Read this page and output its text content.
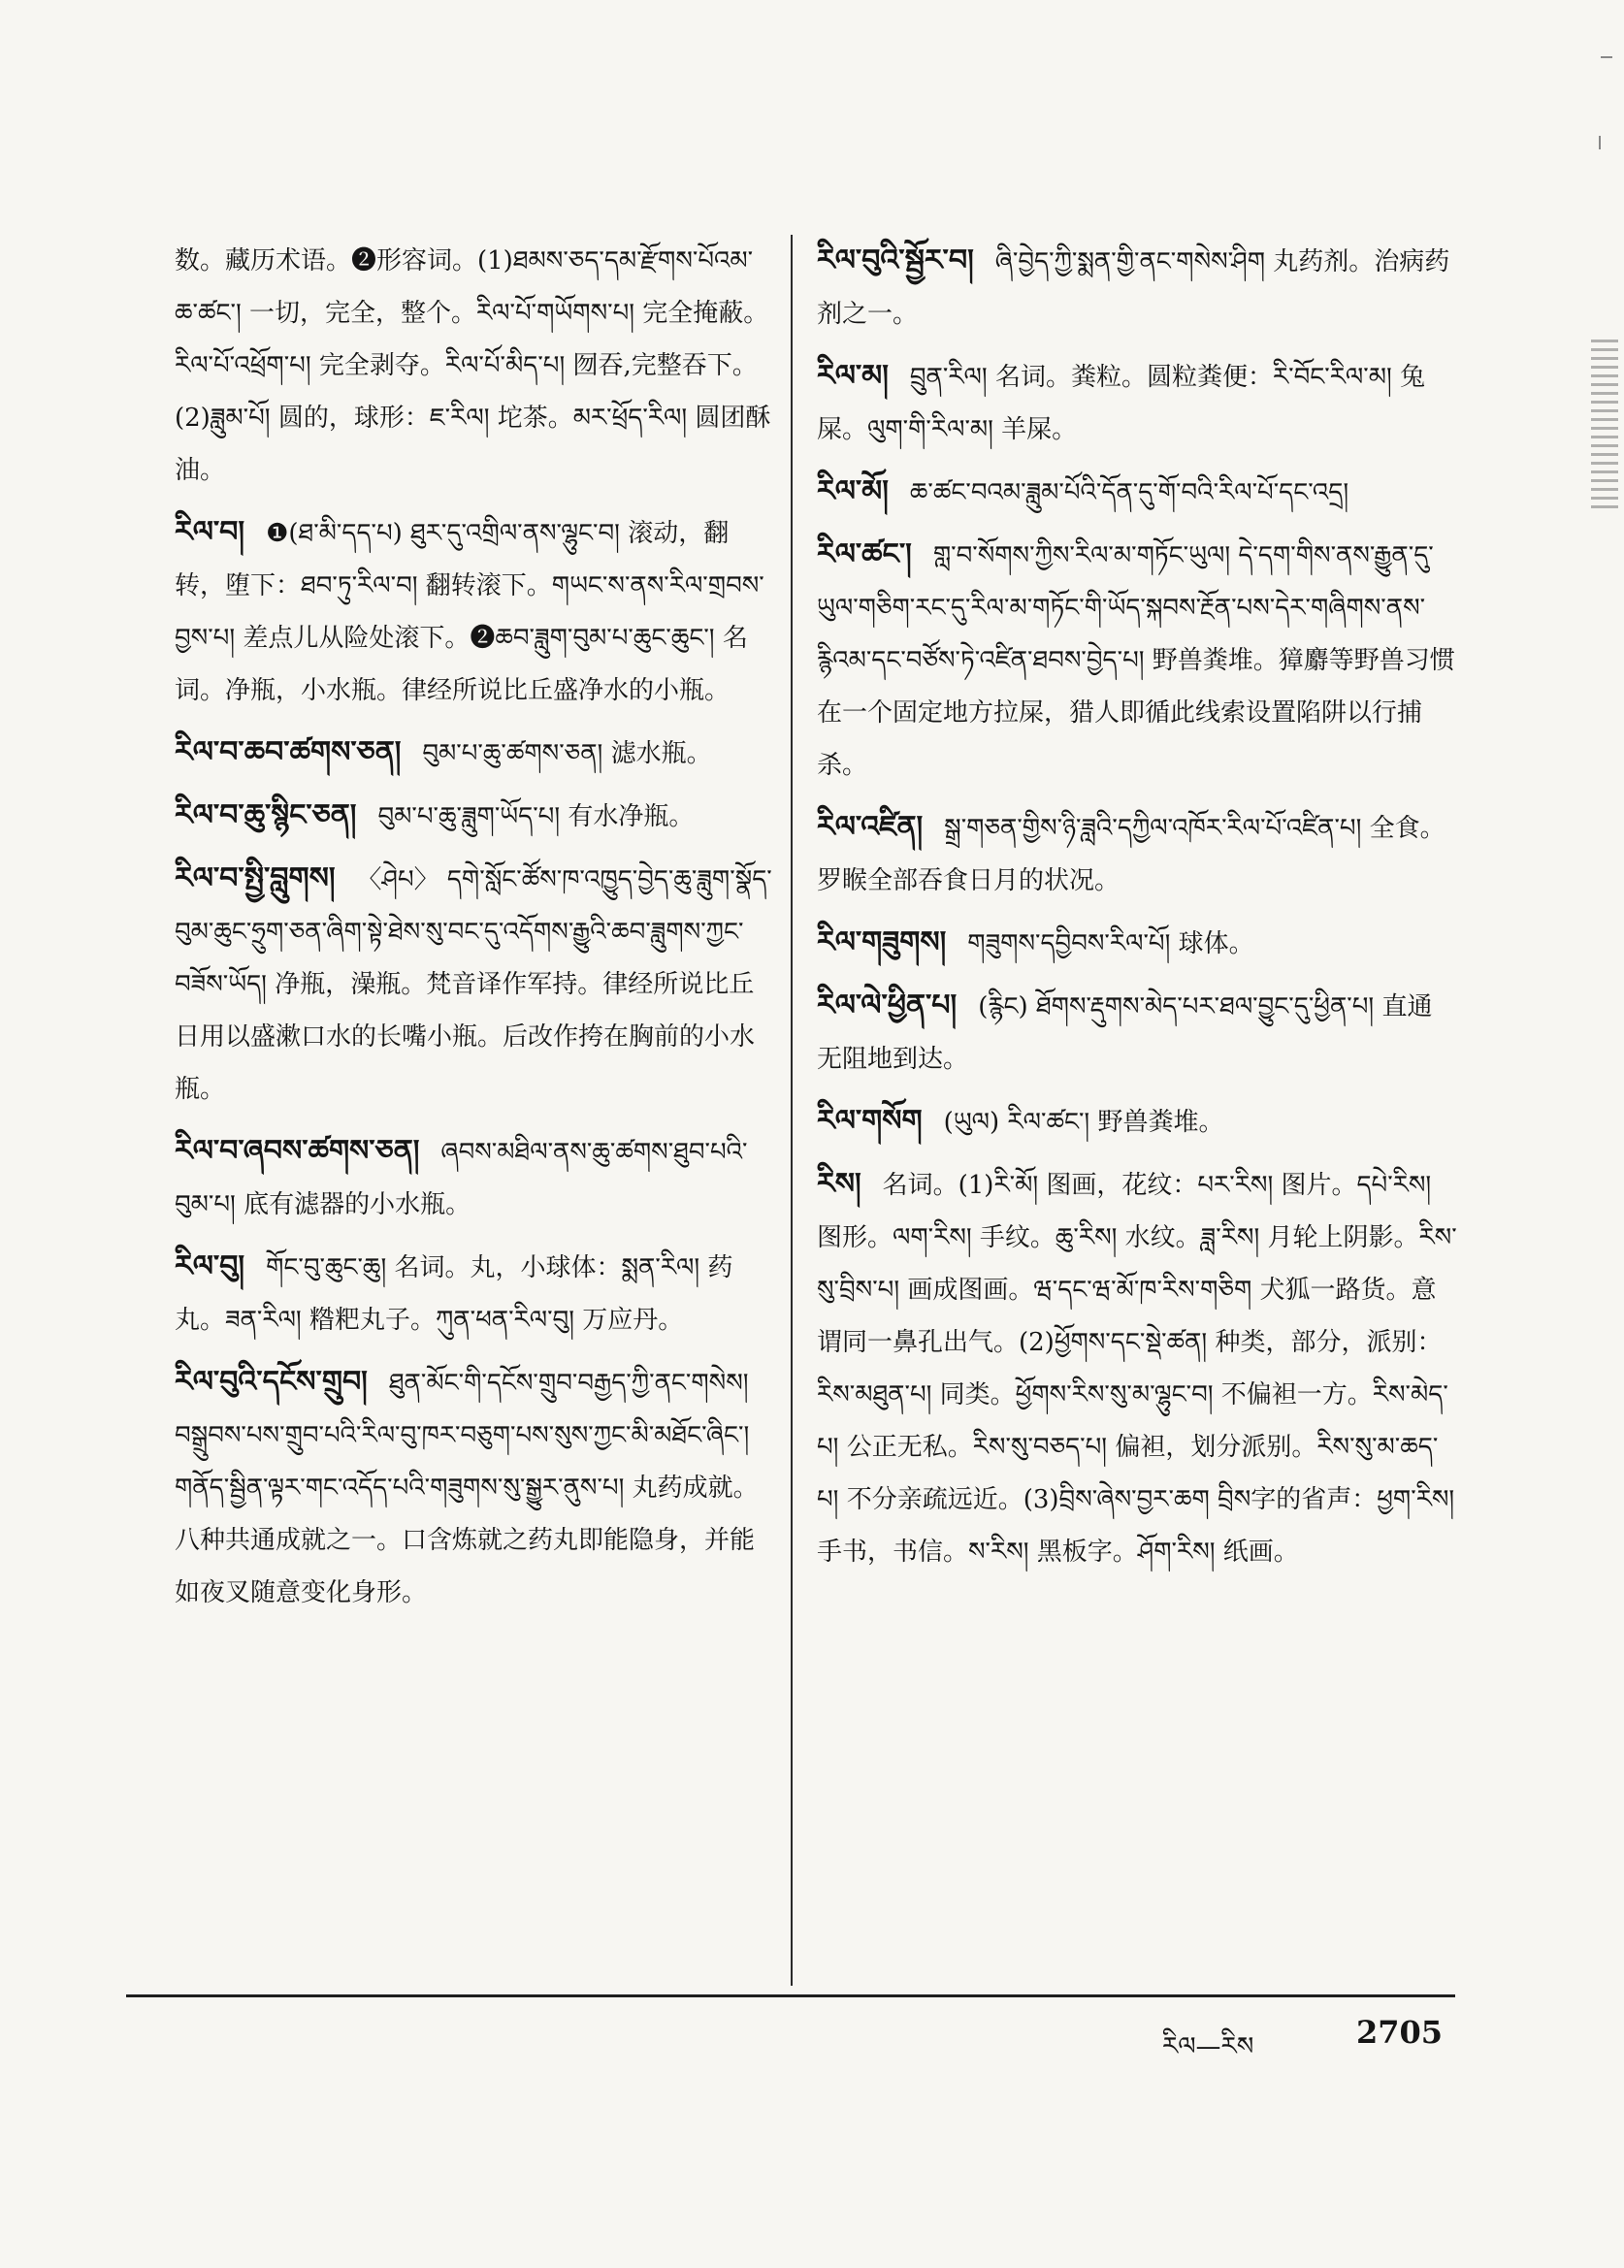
数。藏历术语。❷形容词。(1)ཐམས་ཅད་དམ་རྫོགས་པོའམ་ཆ་ཚང་། 一切，完全，整个。རིལ་པོ་གཡོགས་པ། 完全掩蔽。རིལ་པོ་འཕྲོག་པ། 完全剥夺。རིལ་པོ་མིད་པ། 囫吞,完整吞下。(2)ཟླུམ་པོ། 圆的，球形：ཇ་རིལ། 坨茶。མར་ཕྲོད་རིལ། 圆团酥油。
རིལ་བ། ❶(ཐ་མི་དད་པ) ཐུར་དུ་འགྲིལ་ནས་ལྷུང་བ། 滚动，翻转，堕下：ཐབ་ཏུ་རིལ་བ། 翻转滚下。གཡང་ས་ནས་རིལ་གྲབས་བྱས་པ། 差点儿从险处滚下。❷ཆབ་ཟླུག་བུམ་པ་ཆུང་ཆུང་། 名词。净瓶，小水瓶。律经所说比丘盛净水的小瓶。
རིལ་བ་ཆབ་ཚགས་ཅན། བུམ་པ་ཆུ་ཚགས་ཅན། 滤水瓶。
རིལ་བ་ཆུ་སྙིང་ཅན། བུམ་པ་ཆུ་ཟླུག་ཡོད་པ། 有水净瓶。
རིལ་བ་སྤྱི་བླུགས། 〈ཤེཔ〉 དགེ་སློང་ཚོས་ཁ་འཁྱུད་བྱེད་ཆུ་ཟླུག་སྣོད་བུམ་ཆུང་ཧྲུག་ཅན་ཞིག་སྟེ་ཐེས་སུ་བང་དུ་འདོགས་རྒྱུའི་ཆབ་ཟླུགས་ཀྱང་བཟོས་ཡོད། 净瓶，澡瓶。梵音译作军持。律经所说比丘日用以盛漱口水的长嘴小瓶。后改作挎在胸前的小水瓶。
རིལ་བ་ཞབས་ཚགས་ཅན། ཞབས་མཐིལ་ནས་ཆུ་ཚགས་ཐུབ་པའི་བུམ་པ། 底有滤器的小水瓶。
རིལ་བུ། གོང་བུ་ཆུང་ཆུ། 名词。丸，小球体：སྨན་རིལ། 药丸。ཟན་རིལ། 糌粑丸子。ཀུན་ཕན་རིལ་བུ། 万应丹。
རིལ་བུའི་དངོས་གྲུབ། ཐུན་མོང་གི་དངོས་གྲུབ་བརྒྱད་ཀྱི་ནང་གསེས། བསྒྲུབས་པས་གྲུབ་པའི་རིལ་བུ་ཁར་བཅུག་པས་སུས་ཀྱང་མི་མཐོང་ཞིང་། གནོད་སྦྱིན་ལྟར་གང་འདོད་པའི་གཟུགས་སུ་སྒྱུར་ནུས་པ། 丸药成就。八种共通成就之一。口含炼就之药丸即能隐身，并能如夜叉随意变化身形。
རིལ་བུའི་སྦྱོར་བ། ཞི་བྱེད་ཀྱི་སྨན་གྱི་ནང་གསེས་ཤིག 丸药剂。治病药剂之一。
རིལ་མ། བྲུན་རིལ། 名词。粪粒。圆粒粪便：རི་བོང་རིལ་མ། 兔屎。ལུག་གི་རིལ་མ། 羊屎。
རིལ་མོ། ཆ་ཚང་བའམ་ཟླུམ་པོའི་དོན་དུ་གོ་བའི་རིལ་པོ་དང་འདྲ།
རིལ་ཚང་། གླ་བ་སོགས་ཀྱིས་རིལ་མ་གཏོང་ཡུལ། དེ་དག་གིས་ནས་རྒྱུན་དུ་ཡུལ་གཅིག་རང་དུ་རིལ་མ་གཏོང་གི་ཡོད་སྐབས་རྔོན་པས་དེར་གཞིགས་ནས་རྙིའམ་དང་བཙོས་ཏེ་འཛིན་ཐབས་བྱེད་པ། 野兽粪堆。獐麝等野兽习惯在一个固定地方拉屎，猎人即循此线索设置陷阱以行捕杀。
རིལ་འཛིན། སྒྲ་གཅན་གྱིས་ཉི་ཟླའི་དཀྱིལ་འཁོར་རིལ་པོ་འཛིན་པ། 全食。罗睺全部吞食日月的状况。
རིལ་གཟུགས། གཟུགས་དབྱིབས་རིལ་པོ། 球体。
རིལ་ལེ་ཕྱིན་པ། (རྙིང) ཐོགས་རྡུགས་མེད་པར་ཐལ་བྱུང་དུ་ཕྱིན་པ། 直通无阻地到达。
རིལ་གསོག (ཡུལ) རིལ་ཚང་། 野兽粪堆。
རིས། 名词。(1)རི་མོ། 图画，花纹：པར་རིས། 图片。དཔེ་རིས། 图形。ལག་རིས། 手纹。ཆུ་རིས། 水纹。ཟླ་རིས། 月轮上阴影。རིས་སུ་བྲིས་པ། 画成图画。ཝ་དང་ཝ་མོ་ཁ་རིས་གཅིག 犬狐一路货。意谓同一鼻孔出气。(2)ཕྱོགས་དང་སྡེ་ཚན། 种类，部分，派别：རིས་མཐུན་པ། 同类。ཕྱོགས་རིས་སུ་མ་ལྷུང་བ། 不偏袒一方。རིས་མེད་པ། 公正无私。རིས་སུ་བཅད་པ། 偏袒，划分派别。རིས་སུ་མ་ཆད་པ། 不分亲疏远近。(3)བྲིས་ཞེས་བྱར་ཆག བྲིས字的省声：ཕྱག་རིས། 手书，书信。ས་རིས། 黑板字。ཤོག་རིས། 纸画。
རིལ—རིས	2705
